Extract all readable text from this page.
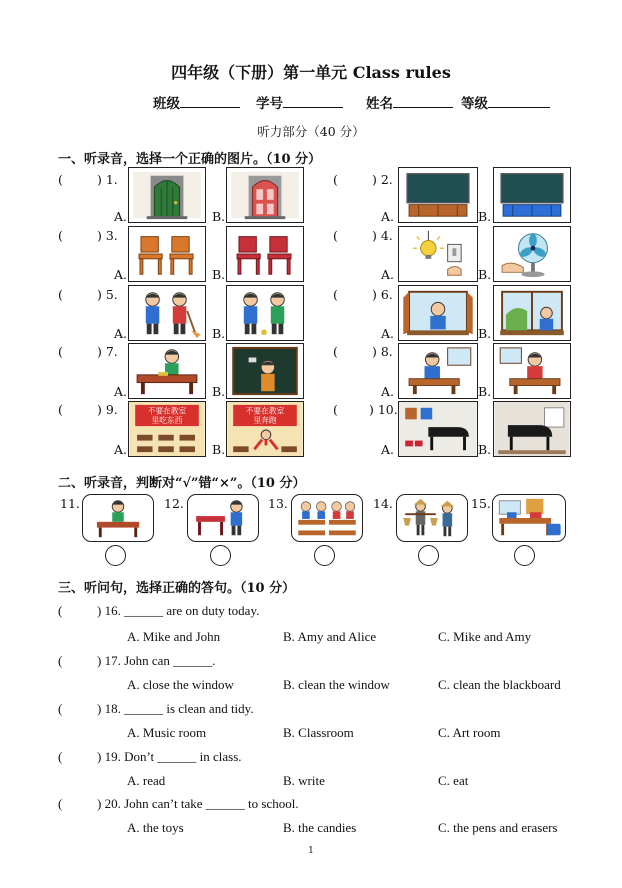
四年级（下册）第一单元 Class rules
班级	学号	姓名	等级
听力部分（40 分）
一、听录音，选择一个正确的图片。（10 分）
(	) 1.
A.	B.
(	) 2.
A.	B.
(	) 3.
A.	B.
(	) 4.
A.	B.
(	) 5.
A.	B.
(	) 6.
A.	B.
(	) 7.
A.	B.
(	) 8.
A.	B.
(	) 9.
A.
不要在教室
里吃东西
B.
不要在教室
里奔跑
( ) 10.
A.	B.
二、听录音，判断对“√”错“×”。（10 分）
11.	12.	13.	14.	15.
三、听问句，选择正确的答句。（10 分）
(	) 16. ______ are on duty today.
A. Mike and John	B. Amy and Alice	C. Mike and Amy
(	) 17. John can ______.
A. close the window	B. clean the window	C. clean the blackboard
(	) 18. ______ is clean and tidy.
A. Music room	B. Classroom	C. Art room
(	) 19. Don’t ______ in class.
A. read	B. write	C. eat
(	) 20. John can’t take ______ to school.
A. the toys	B. the candies	C. the pens and erasers
1
